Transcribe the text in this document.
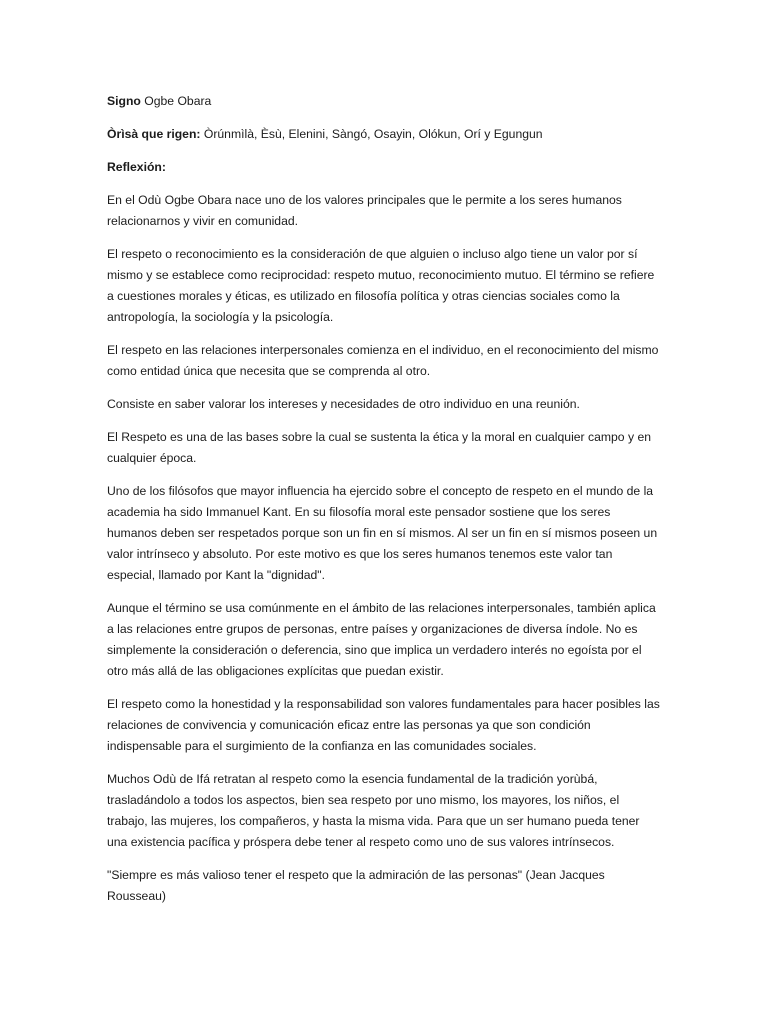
Signo Ogbe Obara

Òrìsà que rigen: Òrúnmìlà, Èsù, Elenini, Sàngó, Osayin, Olókun, Orí y Egungun

Reflexión:

En el Odù Ogbe Obara nace uno de los valores principales que le permite a los seres humanos relacionarnos y vivir en comunidad.

El respeto o reconocimiento es la consideración de que alguien o incluso algo tiene un valor por sí mismo y se establece como reciprocidad: respeto mutuo, reconocimiento mutuo. El término se refiere a cuestiones morales y éticas, es utilizado en filosofía política y otras ciencias sociales como la antropología, la sociología y la psicología.

El respeto en las relaciones interpersonales comienza en el individuo, en el reconocimiento del mismo como entidad única que necesita que se comprenda al otro.

Consiste en saber valorar los intereses y necesidades de otro individuo en una reunión.

El Respeto es una de las bases sobre la cual se sustenta la ética y la moral en cualquier campo y en cualquier época.

Uno de los filósofos que mayor influencia ha ejercido sobre el concepto de respeto en el mundo de la academia ha sido Immanuel Kant. En su filosofía moral este pensador sostiene que los seres humanos deben ser respetados porque son un fin en sí mismos. Al ser un fin en sí mismos poseen un valor intrínseco y absoluto. Por este motivo es que los seres humanos tenemos este valor tan especial, llamado por Kant la "dignidad".

Aunque el término se usa comúnmente en el ámbito de las relaciones interpersonales, también aplica a las relaciones entre grupos de personas, entre países y organizaciones de diversa índole. No es simplemente la consideración o deferencia, sino que implica un verdadero interés no egoísta por el otro más allá de las obligaciones explícitas que puedan existir.

El respeto como la honestidad y la responsabilidad son valores fundamentales para hacer posibles las relaciones de convivencia y comunicación eficaz entre las personas ya que son condición indispensable para el surgimiento de la confianza en las comunidades sociales.

Muchos Odù de Ifá retratan al respeto como la esencia fundamental de la tradición yorùbá, trasladándolo a todos los aspectos, bien sea respeto por uno mismo, los mayores, los niños, el trabajo, las mujeres, los compañeros, y hasta la misma vida. Para que un ser humano pueda tener una existencia pacífica y próspera debe tener al respeto como uno de sus valores intrínsecos.

"Siempre es más valioso tener el respeto que la admiración de las personas" (Jean Jacques Rousseau)
